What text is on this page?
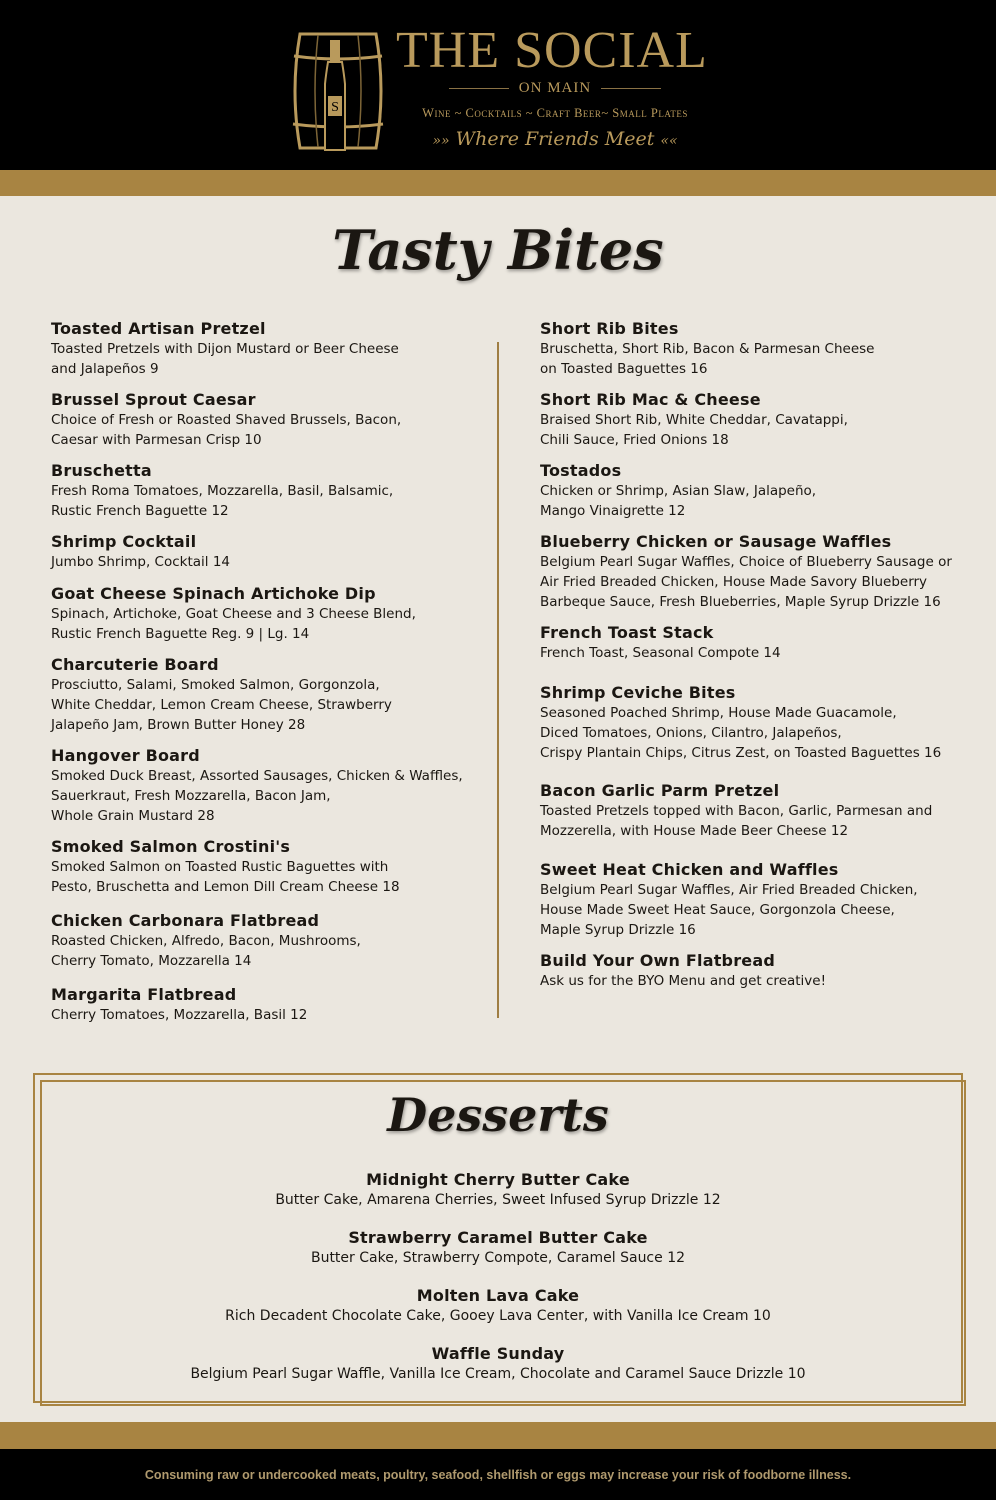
S
THE SOCIAL
ON MAIN
Wine ~ Cocktails ~ Craft Beer~ Small Plates
»» Where Friends Meet ««
Tasty Bites
Toasted Artisan Pretzel
Toasted Pretzels with Dijon Mustard or Beer Cheese
and Jalapeños 9
Brussel Sprout Caesar
Choice of Fresh or Roasted Shaved Brussels, Bacon,
Caesar with Parmesan Crisp 10
Bruschetta
Fresh Roma Tomatoes, Mozzarella, Basil, Balsamic,
Rustic French Baguette 12
Shrimp Cocktail
Jumbo Shrimp, Cocktail 14
Goat Cheese Spinach Artichoke Dip
Spinach, Artichoke, Goat Cheese and 3 Cheese Blend,
Rustic French Baguette Reg. 9 | Lg. 14
Charcuterie Board
Prosciutto, Salami, Smoked Salmon, Gorgonzola,
White Cheddar, Lemon Cream Cheese, Strawberry
Jalapeño Jam, Brown Butter Honey 28
Hangover Board
Smoked Duck Breast, Assorted Sausages, Chicken & Waffles,
Sauerkraut, Fresh Mozzarella, Bacon Jam,
Whole Grain Mustard 28
Smoked Salmon Crostini's
Smoked Salmon on Toasted Rustic Baguettes with
Pesto, Bruschetta and Lemon Dill Cream Cheese 18
Chicken Carbonara Flatbread
Roasted Chicken, Alfredo, Bacon, Mushrooms,
Cherry Tomato, Mozzarella 14
Margarita Flatbread
Cherry Tomatoes, Mozzarella, Basil 12
Short Rib Bites
Bruschetta, Short Rib, Bacon & Parmesan Cheese
on Toasted Baguettes 16
Short Rib Mac & Cheese
Braised Short Rib, White Cheddar, Cavatappi,
Chili Sauce, Fried Onions 18
Tostados
Chicken or Shrimp, Asian Slaw, Jalapeño,
Mango Vinaigrette 12
Blueberry Chicken or Sausage Waffles
Belgium Pearl Sugar Waffles, Choice of Blueberry Sausage or
Air Fried Breaded Chicken, House Made Savory Blueberry
Barbeque Sauce, Fresh Blueberries, Maple Syrup Drizzle 16
French Toast Stack
French Toast, Seasonal Compote 14
Shrimp Ceviche Bites
Seasoned Poached Shrimp, House Made Guacamole,
Diced Tomatoes, Onions, Cilantro, Jalapeños,
Crispy Plantain Chips, Citrus Zest, on Toasted Baguettes 16
Bacon Garlic Parm Pretzel
Toasted Pretzels topped with Bacon, Garlic, Parmesan and
Mozzerella, with House Made Beer Cheese 12
Sweet Heat Chicken and Waffles
Belgium Pearl Sugar Waffles, Air Fried Breaded Chicken,
House Made Sweet Heat Sauce, Gorgonzola Cheese,
Maple Syrup Drizzle 16
Build Your Own Flatbread
Ask us for the BYO Menu and get creative!
Desserts
Midnight Cherry Butter Cake
Butter Cake, Amarena Cherries, Sweet Infused Syrup Drizzle 12
Strawberry Caramel Butter Cake
Butter Cake, Strawberry Compote, Caramel Sauce 12
Molten Lava Cake
Rich Decadent Chocolate Cake, Gooey Lava Center, with Vanilla Ice Cream 10
Waffle Sunday
Belgium Pearl Sugar Waffle, Vanilla Ice Cream, Chocolate and Caramel Sauce Drizzle 10
Consuming raw or undercooked meats, poultry, seafood, shellfish or eggs may increase your risk of foodborne illness.
